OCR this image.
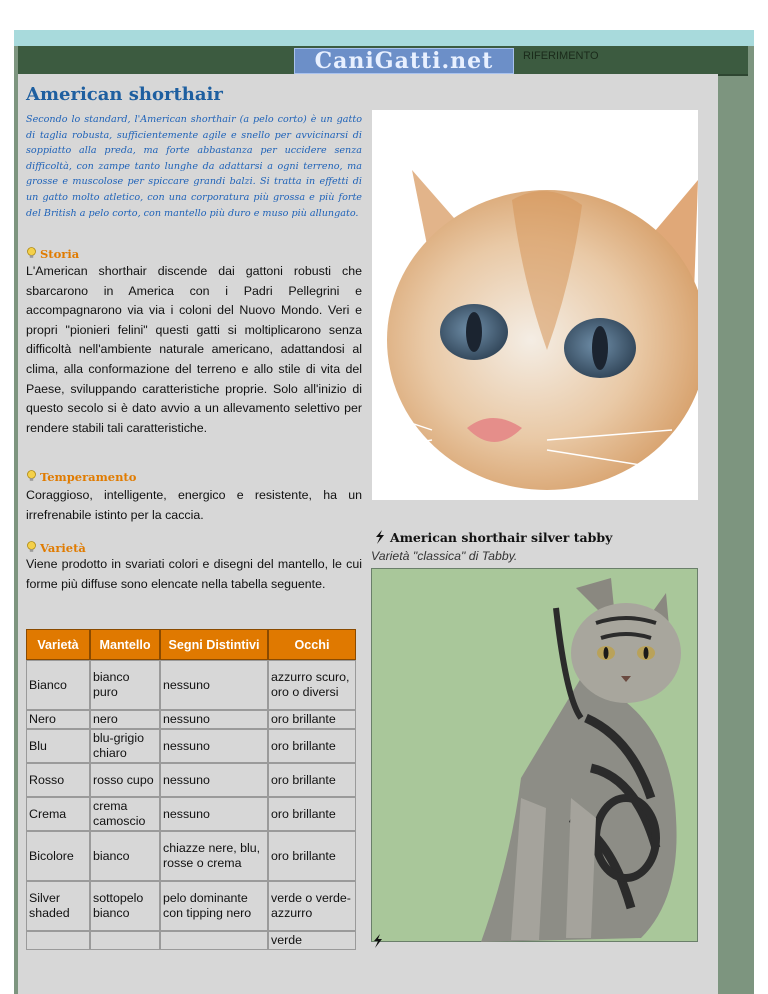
CaniGatti.net	RIFERIMENTO
American shorthair
Secondo lo standard, l'American shorthair (a pelo corto) è un gatto di taglia robusta, sufficientemente agile e snello per avvicinarsi di soppiatto alla preda, ma forte abbastanza per uccidere senza difficoltà, con zampe tanto lunghe da adattarsi a ogni terreno, ma grosse e muscolose per spiccare grandi balzi. Si tratta in effetti di un gatto molto atletico, con una corporatura più grossa e più forte del British a pelo corto, con mantello più duro e muso più allungato.
Storia
L'American shorthair discende dai gattoni robusti che sbarcarono in America con i Padri Pellegrini e accompagnarono via via i coloni del Nuovo Mondo. Veri e propri "pionieri felini" questi gatti si moltiplicarono senza difficoltà nell'ambiente naturale americano, adattandosi al clima, alla conformazione del terreno e allo stile di vita del Paese, sviluppando caratteristiche proprie. Solo all'inizio di questo secolo si è dato avvio a un allevamento selettivo per rendere stabili tali caratteristiche.
Temperamento
Coraggioso, intelligente, energico e resistente, ha un irrefrenabile istinto per la caccia.
Varietà
Viene prodotto in svariati colori e disegni del mantello, le cui forme più diffuse sono elencate nella tabella seguente.
Varietà	Mantello	Segni Distintivi	Occhi
Bianco	bianco puro	nessuno	azzurro scuro, oro o diversi
Nero	nero	nessuno	oro brillante
Blu	blu-grigio chiaro	nessuno	oro brillante
Rosso	rosso cupo	nessuno	oro brillante
Crema	crema camoscio	nessuno	oro brillante
Bicolore	bianco	chiazze nere, blu, rosse o crema	oro brillante
Silver shaded	sottopelo bianco	pelo dominante con tipping nero	verde o verde-azzurro
			verde
American shorthair silver tabby
Varietà "classica" di Tabby.
